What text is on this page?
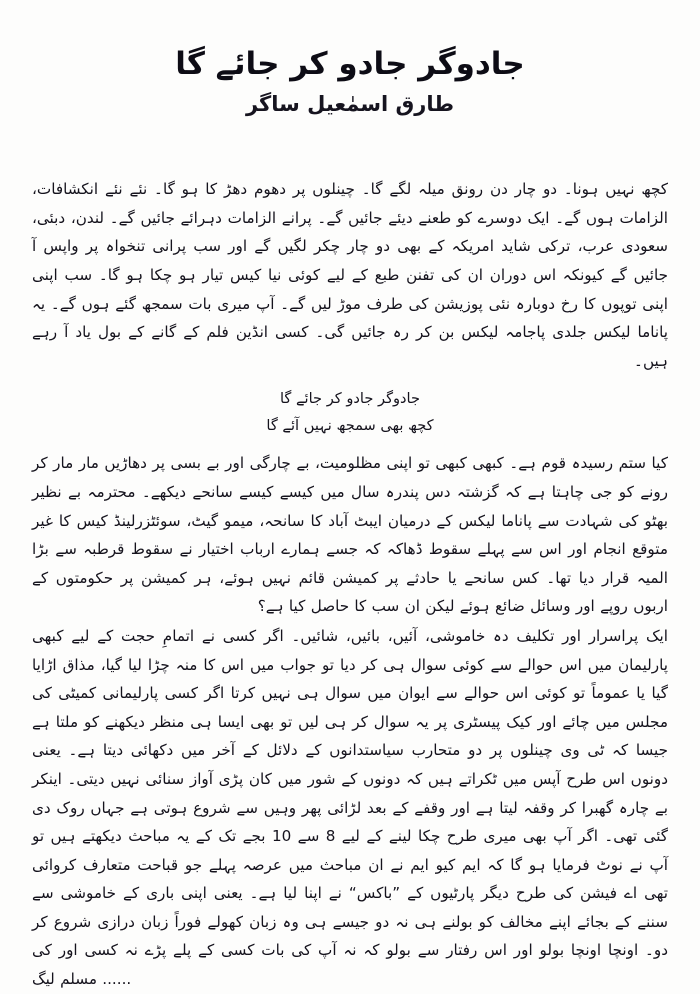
جادوگر جادو کر جائے گا

طارق اسمٰعیل ساگر

کچھ نہیں ہونا۔ دو چار دن رونق میلہ لگے گا۔ چینلوں پر دھوم دھڑ کا ہو گا۔ نئے نئے انکشافات، الزامات ہوں گے۔ ایک دوسرے کو طعنے دیئے جائیں گے۔ پرانے الزامات دہرائے جائیں گے۔ لندن، دبئی، سعودی عرب، ترکی شاید امریکہ کے بھی دو چار چکر لگیں گے اور سب پرانی تنخواہ پر واپس آ جائیں گے کیونکہ اس دوران ان کی تفنن طبع کے لیے کوئی نیا کیس تیار ہو چکا ہو گا۔ سب اپنی اپنی توپوں کا رخ دوبارہ نئی پوزیشن کی طرف موڑ لیں گے۔ آپ میری بات سمجھ گئے ہوں گے۔ یہ پاناما لیکس جلدی پاجامہ لیکس بن کر رہ جائیں گی۔ کسی انڈین فلم کے گانے کے بول یاد آ رہے ہیں۔

جادوگر جادو کر جائے گا

کچھ بھی سمجھ نہیں آئے گا

کیا ستم رسیدہ قوم ہے۔ کبھی کبھی تو اپنی مظلومیت، بے چارگی اور بے بسی پر دھاڑیں مار مار کر رونے کو جی چاہتا ہے کہ گزشتہ دس پندرہ سال میں کیسے کیسے سانحے دیکھے۔ محترمہ بے نظیر بھٹو کی شہادت سے پاناما لیکس کے درمیان ایبٹ آباد کا سانحہ، میمو گیٹ، سوئٹزرلینڈ کیس کا غیر متوقع انجام اور اس سے پہلے سقوط ڈھاکہ کہ جسے ہمارے ارباب اختیار نے سقوط قرطبہ سے بڑا المیہ قرار دیا تھا۔ کس سانحے یا حادثے پر کمیشن قائم نہیں ہوئے، ہر کمیشن پر حکومتوں کے اربوں روپے اور وسائل ضائع ہوئے لیکن ان سب کا حاصل کیا ہے؟

ایک پراسرار اور تکلیف دہ خاموشی، آئیں، بائیں، شائیں۔ اگر کسی نے اتمامِ حجت کے لیے کبھی پارلیمان میں اس حوالے سے کوئی سوال ہی کر دیا تو جواب میں اس کا منہ چڑا لیا گیا، مذاق اڑایا گیا یا عموماً تو کوئی اس حوالے سے ایوان میں سوال ہی نہیں کرتا اگر کسی پارلیمانی کمیٹی کی مجلس میں چائے اور کیک پیسٹری پر یہ سوال کر ہی لیں تو بھی ایسا ہی منظر دیکھنے کو ملتا ہے جیسا کہ ٹی وی چینلوں پر دو متحارب سیاستدانوں کے دلائل کے آخر میں دکھائی دیتا ہے۔ یعنی دونوں اس طرح آپس میں ٹکراتے ہیں کہ دونوں کے شور میں کان پڑی آواز سنائی نہیں دیتی۔ اینکر بے چارہ گھبرا کر وقفہ لیتا ہے اور وقفے کے بعد لڑائی پھر وہیں سے شروع ہوتی ہے جہاں روک دی گئی تھی۔ اگر آپ بھی میری طرح چکا لینے کے لیے 8 سے 10 بجے تک کے یہ مباحث دیکھتے ہیں تو آپ نے نوٹ فرمایا ہو گا کہ ایم کیو ایم نے ان مباحث میں عرصہ پہلے جو قباحت متعارف کروائی تھی اے فیشن کی طرح دیگر پارٹیوں کے ”باکس“ نے اپنا لیا ہے۔ یعنی اپنی باری کے خاموشی سے سننے کے بجائے اپنے مخالف کو بولنے ہی نہ دو جیسے ہی وہ زبان کھولے فوراً زبان درازی شروع کر دو۔ اونچا اونچا بولو اور اس رفتار سے بولو کہ نہ آپ کی بات کسی کے پلے پڑے نہ کسی اور کی ...... مسلم لیگ
